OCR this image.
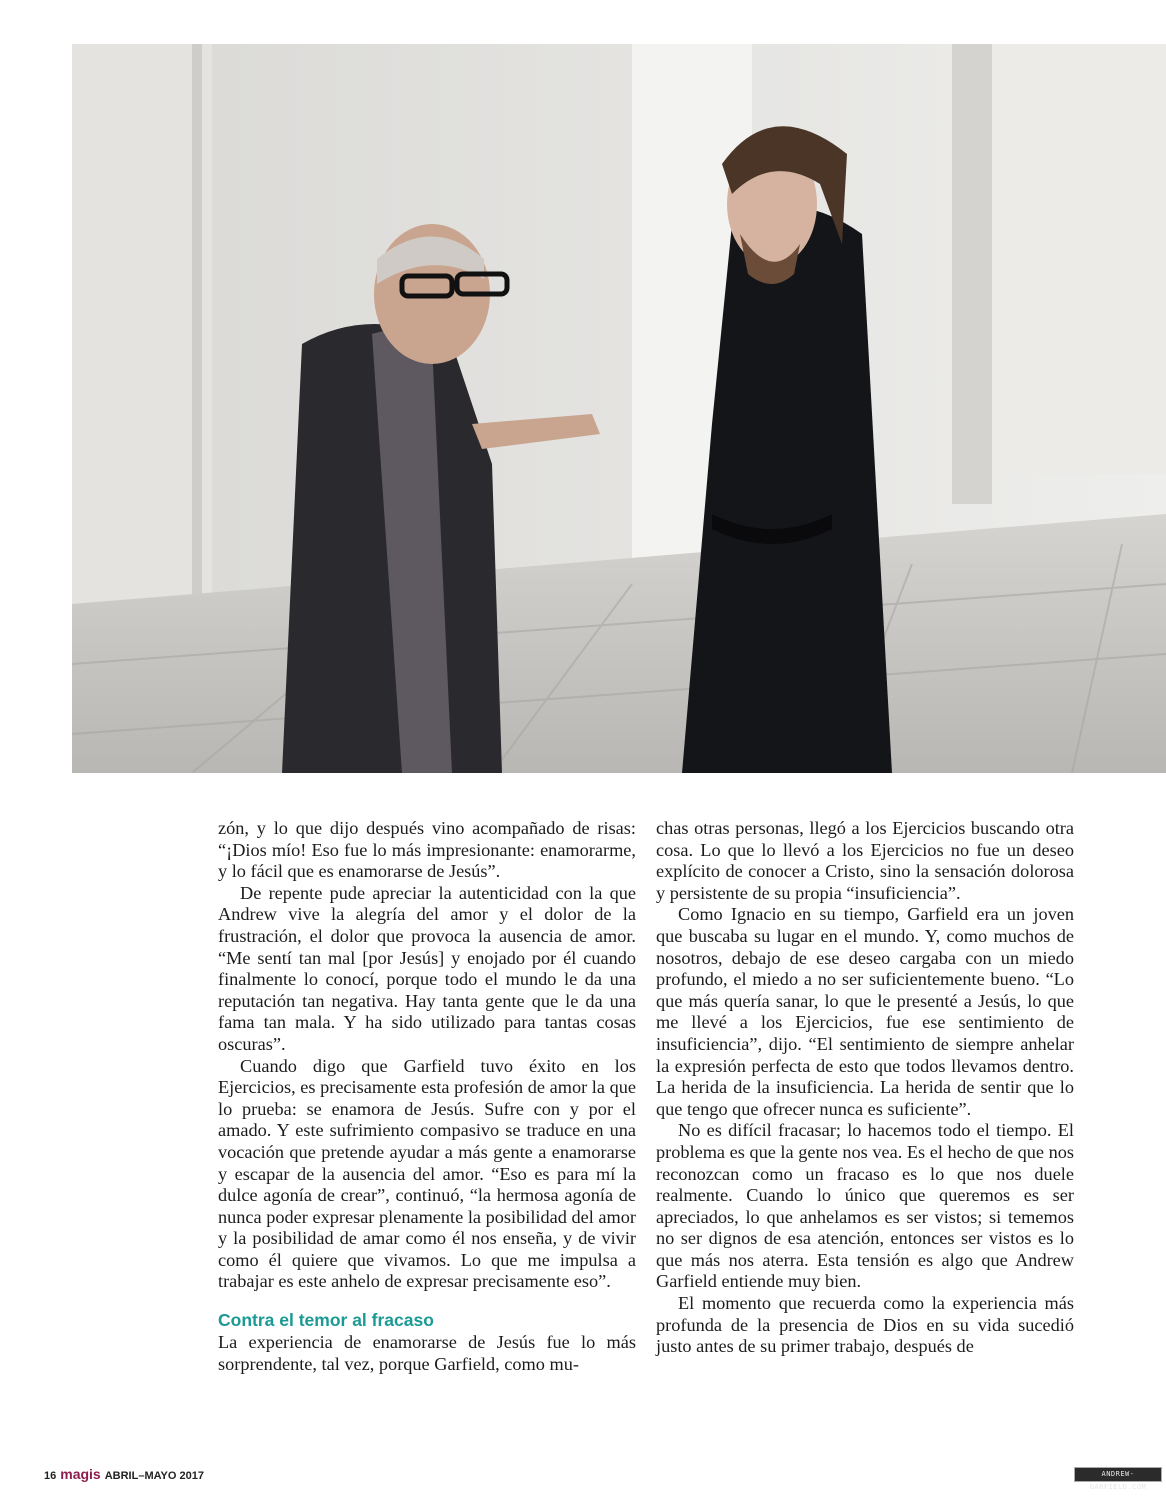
zón, y lo que dijo después vino acompañado de risas: “¡Dios mío! Eso fue lo más impresionante: enamorarme, y lo fácil que es enamorarse de Jesús”.

De repente pude apreciar la autenticidad con la que Andrew vive la alegría del amor y el dolor de la frustración, el dolor que provoca la ausencia de amor. “Me sentí tan mal [por Jesús] y enojado por él cuando finalmente lo conocí, porque todo el mundo le da una reputación tan negativa. Hay tanta gente que le da una fama tan mala. Y ha sido utilizado para tantas cosas oscuras”.

Cuando digo que Garfield tuvo éxito en los Ejercicios, es precisamente esta profesión de amor la que lo prueba: se enamora de Jesús. Sufre con y por el amado. Y este sufrimiento compasivo se traduce en una vocación que pretende ayudar a más gente a enamorarse y escapar de la ausencia del amor. “Eso es para mí la dulce agonía de crear”, continuó, “la hermosa agonía de nunca poder expresar plenamente la posibilidad del amor y la posibilidad de amar como él nos enseña, y de vivir como él quiere que vivamos. Lo que me impulsa a trabajar es este anhelo de expresar precisamente eso”.

Contra el temor al fracaso

La experiencia de enamorarse de Jesús fue lo más sorprendente, tal vez, porque Garfield, como mu-

chas otras personas, llegó a los Ejercicios buscando otra cosa. Lo que lo llevó a los Ejercicios no fue un deseo explícito de conocer a Cristo, sino la sensación dolorosa y persistente de su propia “insuficiencia”.

Como Ignacio en su tiempo, Garfield era un joven que buscaba su lugar en el mundo. Y, como muchos de nosotros, debajo de ese deseo cargaba con un miedo profundo, el miedo a no ser suficientemente bueno. “Lo que más quería sanar, lo que le presenté a Jesús, lo que me llevé a los Ejercicios, fue ese sentimiento de insuficiencia”, dijo. “El sentimiento de siempre anhelar la expresión perfecta de esto que todos llevamos dentro. La herida de la insuficiencia. La herida de sentir que lo que tengo que ofrecer nunca es suficiente”.

No es difícil fracasar; lo hacemos todo el tiempo. El problema es que la gente nos vea. Es el hecho de que nos reconozcan como un fracaso es lo que nos duele realmente. Cuando lo único que queremos es ser apreciados, lo que anhelamos es ser vistos; si tememos no ser dignos de esa atención, entonces ser vistos es lo que más nos aterra. Esta tensión es algo que Andrew Garfield entiende muy bien.

El momento que recuerda como la experiencia más profunda de la presencia de Dios en su vida sucedió justo antes de su primer trabajo, después de

16 magis ABRIL–MAYO 2017	ANDREW-GARFIELD.COM
